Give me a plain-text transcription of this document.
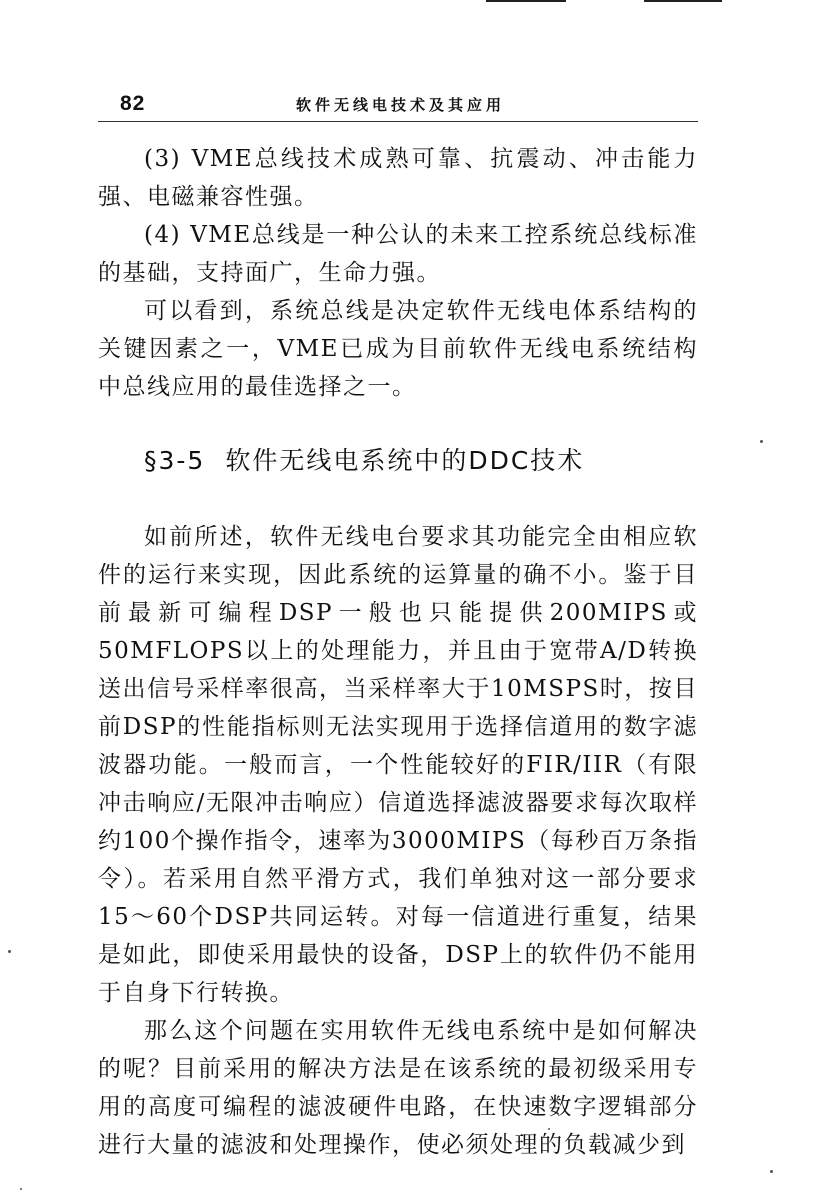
82	软件无线电技术及其应用

(3) VME总线技术成熟可靠、抗震动、冲击能力强、电磁兼容性强。

(4) VME总线是一种公认的未来工控系统总线标准的基础，支持面广，生命力强。

可以看到，系统总线是决定软件无线电体系结构的关键因素之一，VME已成为目前软件无线电系统结构中总线应用的最佳选择之一。

§3-5 软件无线电系统中的DDC技术

如前所述，软件无线电台要求其功能完全由相应软件的运行来实现，因此系统的运算量的确不小。鉴于目前最新可编程DSP一般也只能提供200MIPS或50MFLOPS以上的处理能力，并且由于宽带A/D转换送出信号采样率很高，当采样率大于10MSPS时，按目前DSP的性能指标则无法实现用于选择信道用的数字滤波器功能。一般而言，一个性能较好的FIR/IIR（有限冲击响应/无限冲击响应）信道选择滤波器要求每次取样约100个操作指令，速率为3000MIPS（每秒百万条指令）。若采用自然平滑方式，我们单独对这一部分要求15～60个DSP共同运转。对每一信道进行重复，结果是如此，即使采用最快的设备，DSP上的软件仍不能用于自身下行转换。

那么这个问题在实用软件无线电系统中是如何解决的呢？目前采用的解决方法是在该系统的最初级采用专用的高度可编程的滤波硬件电路，在快速数字逻辑部分进行大量的滤波和处理操作，使必须处理的负载减少到
